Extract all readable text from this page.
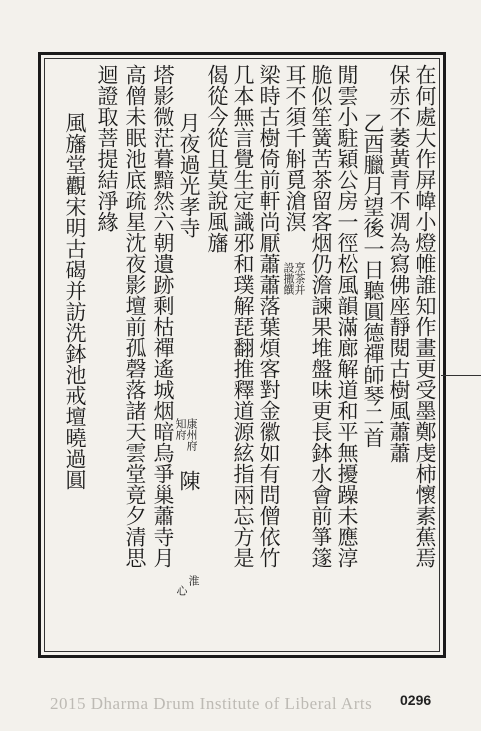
在何處大作屏幃小燈帷誰知作畫更受墨鄭虔柿懷素蕉焉
保赤不萎黃青不凋為寫佛座靜閱古樹風蕭蕭
乙酉臘月望後一日聽圓德禪師琴二首
閒雲小駐穎公房一徑松風韻滿廊解道和平無擾躁未應淳
脆似笙簧苦茶留客烟仍澹諫果堆盤味更長鉢水會前箏篴
耳不須千斛覓滄溟
烹茶并
設撒饌
梁時古樹倚前軒尚厭蕭蕭落葉煩客對金徽如有問僧依竹
几本無言覺生定識邪和璞解琵翻推釋道源絃指兩忘方是
偈從今從且莫說風旛
月夜過光孝寺
康州府
知府
陳
淮
心
塔影微茫暮黯然六朝遺跡剩枯禪遙城烟暗烏爭巢蕭寺月
高僧未眠池底疏星沈夜影壇前孤磬落諸天雲堂竟夕清思
迴證取菩提結淨緣
風旛堂觀宋明古碣并訪洗鉢池戒壇曉過圓
2015 Dharma Drum Institute of Liberal Arts	0296
